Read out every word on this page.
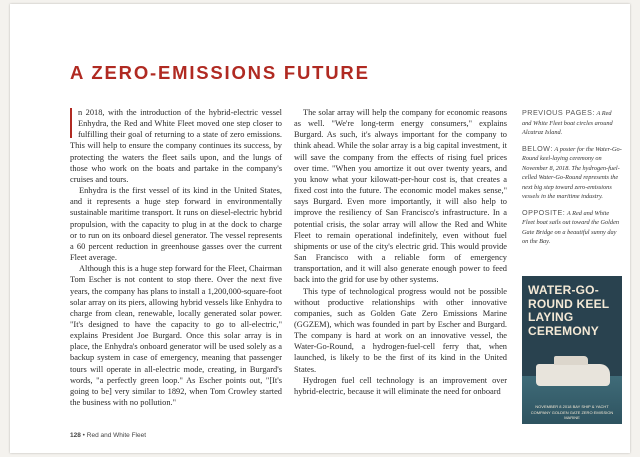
A ZERO-EMISSIONS FUTURE

n 2018, with the introduction of the hybrid-electric vessel Enhydra, the Red and White Fleet moved one step closer to fulfilling their goal of returning to a state of zero emissions. This will help to ensure the company continues its success, by protecting the waters the fleet sails upon, and the lungs of those who work on the boats and partake in the company's cruises and tours.

Enhydra is the first vessel of its kind in the United States, and it represents a huge step forward in environmentally sustainable maritime transport. It runs on diesel-electric hybrid propulsion, with the capacity to plug in at the dock to charge or to run on its onboard diesel generator. The vessel represents a 60 percent reduction in greenhouse gasses over the current Fleet average.

Although this is a huge step forward for the Fleet, Chairman Tom Escher is not content to stop there. Over the next five years, the company has plans to install a 1,200,000-square-foot solar array on its piers, allowing hybrid vessels like Enhydra to charge from clean, renewable, locally generated solar power. "It's designed to have the capacity to go to all-electric," explains President Joe Burgard. Once this solar array is in place, the Enhydra's onboard generator will be used solely as a backup system in case of emergency, meaning that passenger tours will operate in all-electric mode, creating, in Burgard's words, "a perfectly green loop." As Escher points out, "[It's going to be] very similar to 1892, when Tom Crowley started the business with no pollution."

The solar array will help the company for economic reasons as well. "We're long-term energy consumers," explains Burgard. As such, it's always important for the company to think ahead. While the solar array is a big capital investment, it will save the company from the effects of rising fuel prices over time. "When you amortize it out over twenty years, and you know what your kilowatt-per-hour cost is, that creates a fixed cost into the future. The economic model makes sense," says Burgard. Even more importantly, it will also help to improve the resiliency of San Francisco's infrastructure. In a potential crisis, the solar array will allow the Red and White Fleet to remain operational indefinitely, even without fuel shipments or use of the city's electric grid. This would provide San Francisco with a reliable form of emergency transportation, and it will also generate enough power to feed back into the grid for use by other systems.

This type of technological progress would not be possible without productive relationships with other innovative companies, such as Golden Gate Zero Emissions Marine (GGZEM), which was founded in part by Escher and Burgard. The company is hard at work on an innovative vessel, the Water-Go-Round, a hydrogen-fuel-cell ferry that, when launched, is likely to be the first of its kind in the United States.

Hydrogen fuel cell technology is an improvement over hybrid-electric, because it will eliminate the need for onboard

PREVIOUS PAGES: A Red and White Fleet boat circles around Alcatraz Island.
BELOW: A poster for the Water-Go-Round keel-laying ceremony on November 8, 2018. The hydrogen-fuel-celled Water-Go-Round represents the next big step toward zero-emissions vessels in the maritime industry.
OPPOSITE: A Red and White Fleet boat sails out toward the Golden Gate Bridge on a beautiful sunny day on the Bay.
WATER-GO-ROUND KEEL LAYING CEREMONY
NOVEMBER 8 2018 BAY SHIP & YACHT COMPANY GOLDEN GATE ZERO EMISSION MARINE
128 • Red and White Fleet
